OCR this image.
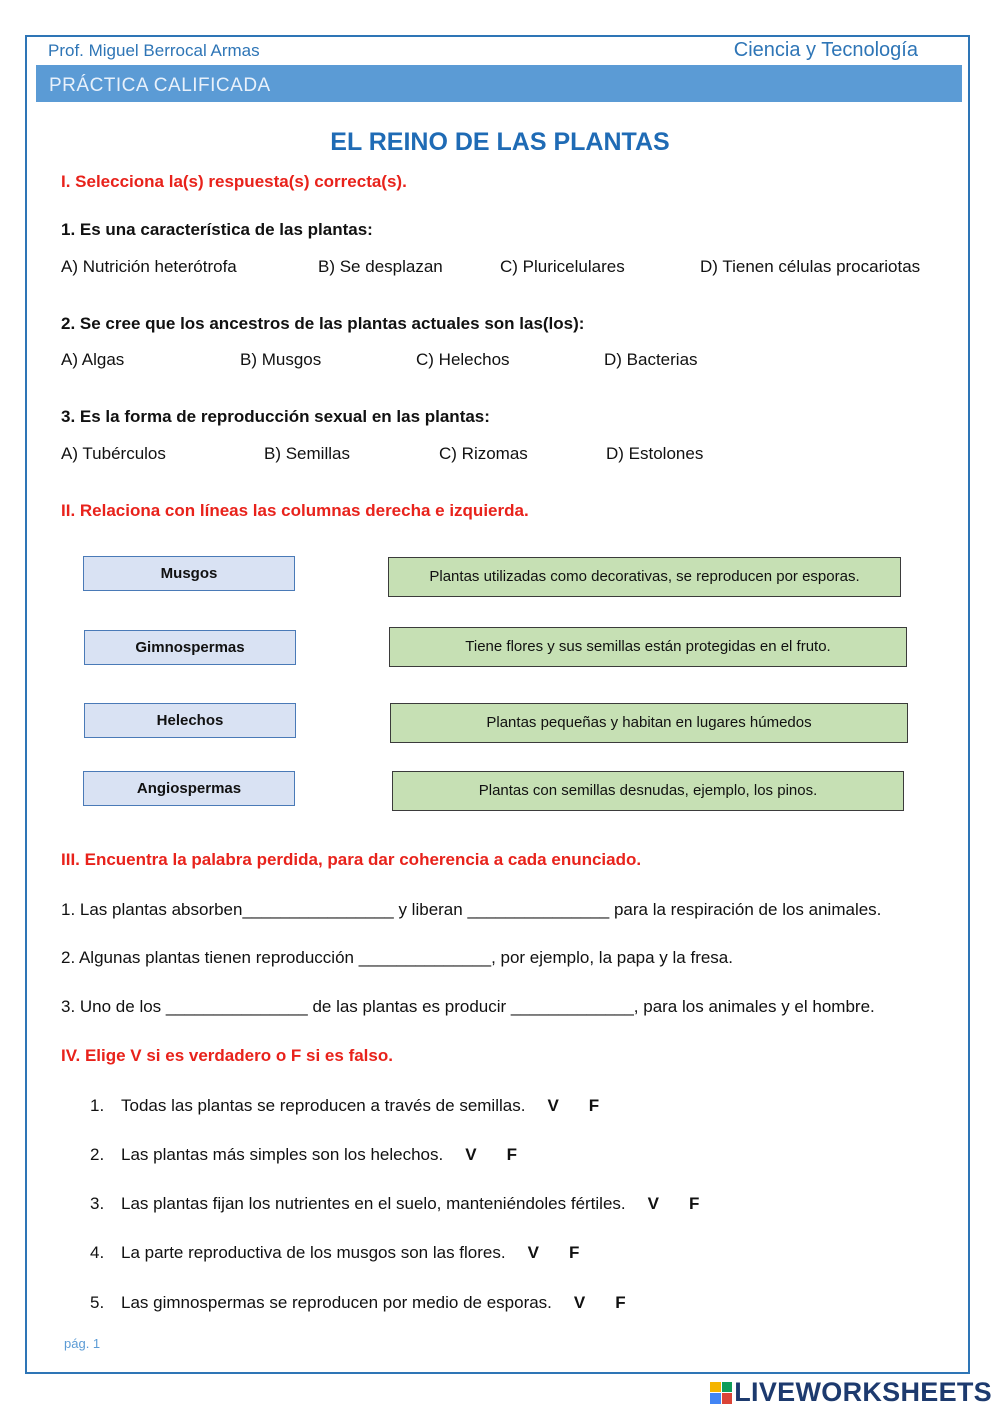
Prof. Miguel Berrocal Armas	Ciencia y Tecnología
PRÁCTICA CALIFICADA
EL REINO DE LAS PLANTAS
I. Selecciona la(s) respuesta(s) correcta(s).
1. Es una característica de las plantas:
A) Nutrición heterótrofa	B) Se desplazan	C) Pluricelulares	D) Tienen células procariotas
2. Se cree que los ancestros de las plantas actuales son las(los):
A) Algas	B) Musgos	C) Helechos	D) Bacterias
3. Es la forma de reproducción sexual en las plantas:
A) Tubérculos	B) Semillas	C) Rizomas	D) Estolones
II. Relaciona con líneas las columnas derecha e izquierda.
Musgos
Gimnospermas
Helechos
Angiospermas
Plantas utilizadas como decorativas, se reproducen por esporas.
Tiene flores y sus semillas están protegidas en el fruto.
Plantas pequeñas y habitan en lugares húmedos
Plantas con semillas desnudas, ejemplo, los pinos.
III. Encuentra la palabra perdida, para dar coherencia a cada enunciado.
1. Las plantas absorben________________ y liberan _______________ para la respiración de los animales.
2. Algunas plantas tienen reproducción ______________, por ejemplo, la papa y la fresa.
3. Uno de los _______________ de las plantas es producir _____________, para los animales y el hombre.
IV. Elige V si es verdadero o F si es falso.
1. Todas las plantas se reproducen a través de semillas. V F
2. Las plantas más simples son los helechos. V F
3. Las plantas fijan los nutrientes en el suelo, manteniéndoles fértiles. V F
4. La parte reproductiva de los musgos son las flores. V F
5. Las gimnospermas se reproducen por medio de esporas. V F
pág. 1
LIVEWORKSHEETS
